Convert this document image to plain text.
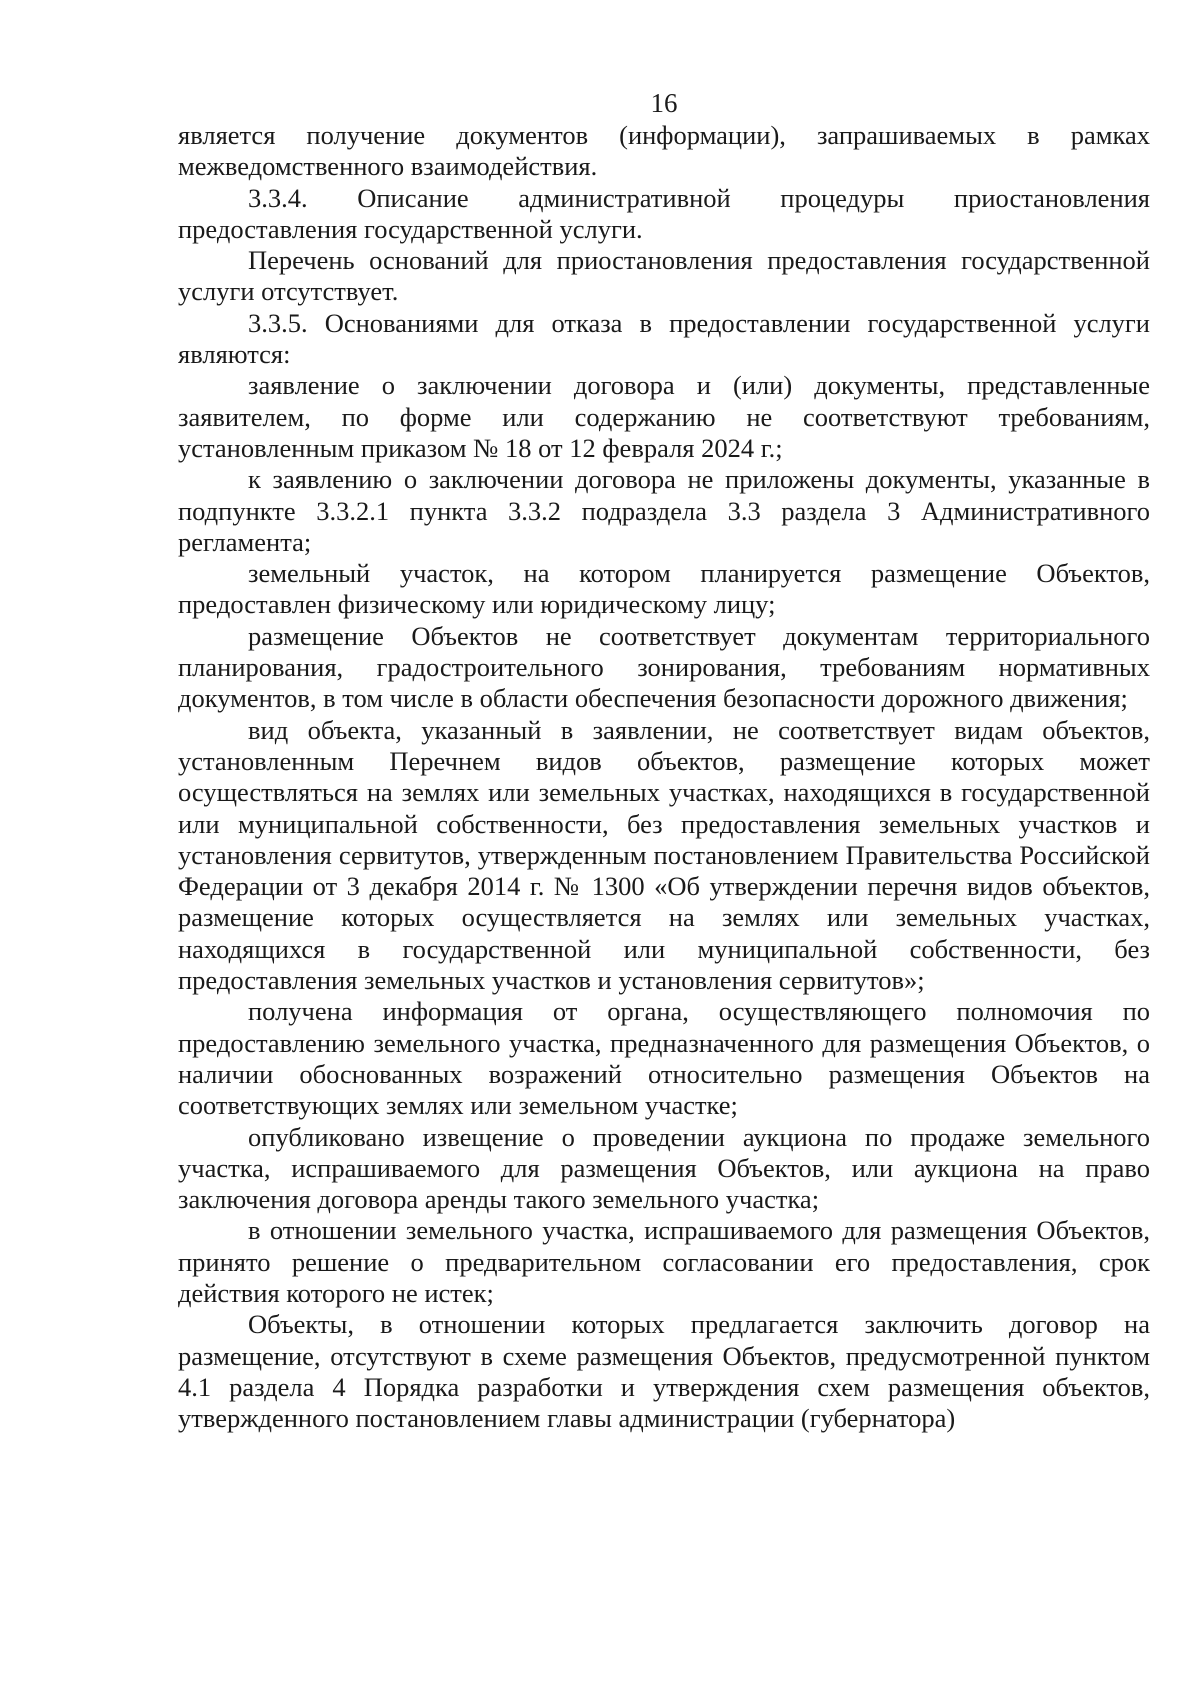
16

является получение документов (информации), запрашиваемых в рамках межведомственного взаимодействия.

3.3.4. Описание административной процедуры приостановления предоставления государственной услуги.

Перечень оснований для приостановления предоставления государственной услуги отсутствует.

3.3.5. Основаниями для отказа в предоставлении государственной услуги являются:

заявление о заключении договора и (или) документы, представленные заявителем, по форме или содержанию не соответствуют требованиям, установленным приказом № 18 от 12 февраля 2024 г.;

к заявлению о заключении договора не приложены документы, указанные в подпункте 3.3.2.1 пункта 3.3.2 подраздела 3.3 раздела 3 Административного регламента;

земельный участок, на котором планируется размещение Объектов, предоставлен физическому или юридическому лицу;

размещение Объектов не соответствует документам территориального планирования, градостроительного зонирования, требованиям нормативных документов, в том числе в области обеспечения безопасности дорожного движения;

вид объекта, указанный в заявлении, не соответствует видам объектов, установленным Перечнем видов объектов, размещение которых может осуществляться на землях или земельных участках, находящихся в государственной или муниципальной собственности, без предоставления земельных участков и установления сервитутов, утвержденным постановлением Правительства Российской Федерации от 3 декабря 2014 г. № 1300 «Об утверждении перечня видов объектов, размещение которых осуществляется на землях или земельных участках, находящихся в государственной или муниципальной собственности, без предоставления земельных участков и установления сервитутов»;

получена информация от органа, осуществляющего полномочия по предоставлению земельного участка, предназначенного для размещения Объектов, о наличии обоснованных возражений относительно размещения Объектов на соответствующих землях или земельном участке;

опубликовано извещение о проведении аукциона по продаже земельного участка, испрашиваемого для размещения Объектов, или аукциона на право заключения договора аренды такого земельного участка;

в отношении земельного участка, испрашиваемого для размещения Объектов, принято решение о предварительном согласовании его предоставления, срок действия которого не истек;

Объекты, в отношении которых предлагается заключить договор на размещение, отсутствуют в схеме размещения Объектов, предусмотренной пунктом 4.1 раздела 4 Порядка разработки и утверждения схем размещения объектов, утвержденного постановлением главы администрации (губернатора)
